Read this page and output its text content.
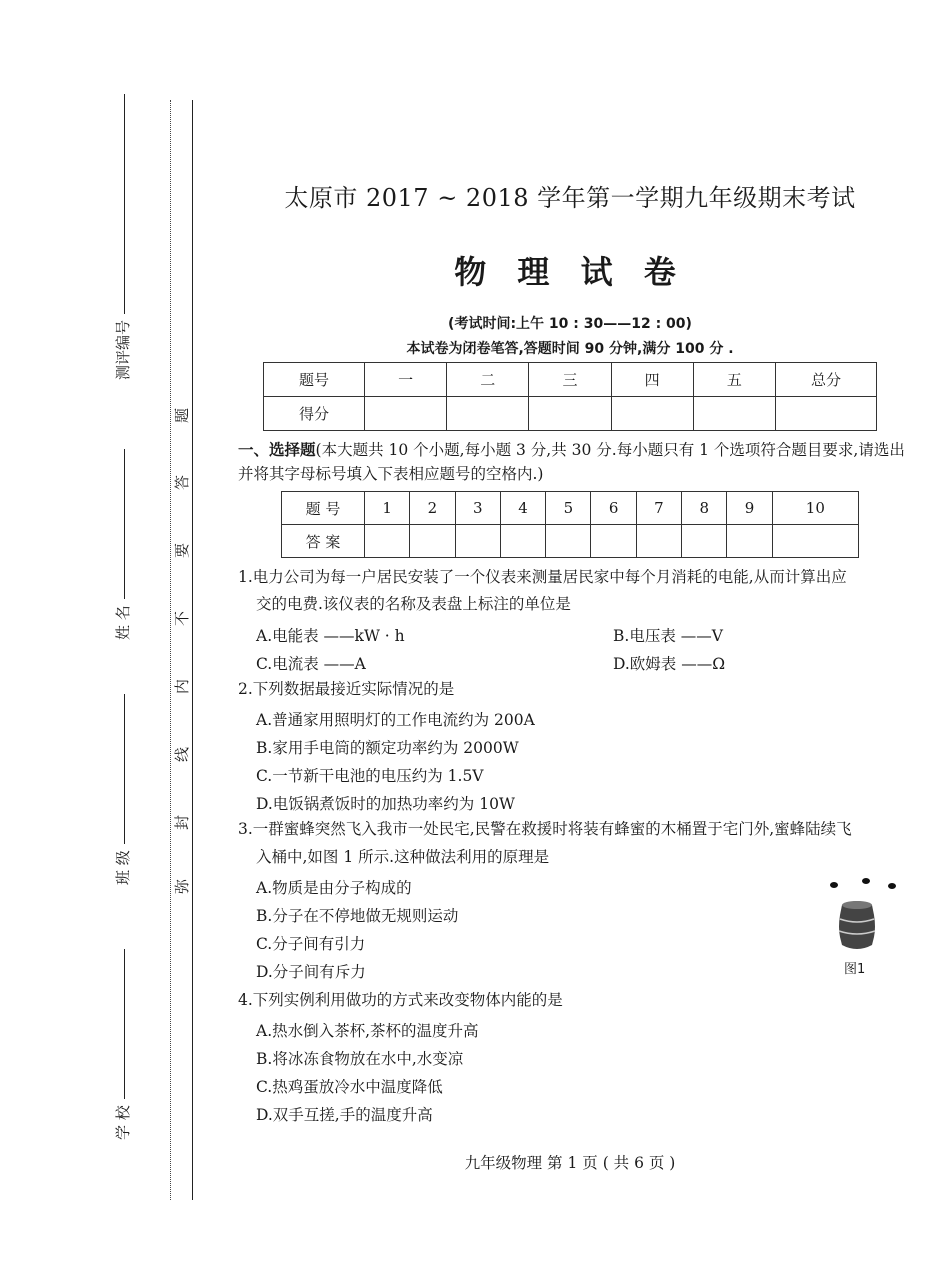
测评编号
姓 名
班 级
学 校
题
答
要
不
内
线
封
弥
太原市 2017 ~ 2018 学年第一学期九年级期末考试
物 理 试 卷
(考试时间:上午 10 : 30——12 : 00)
本试卷为闭卷笔答,答题时间 90 分钟,满分 100 分 .
题号	一	二	三	四	五	总分
得分						
一、选择题(本大题共 10 个小题,每小题 3 分,共 30 分.每小题只有 1 个选项符合题目要求,请选出并将其字母标号填入下表相应题号的空格内.)
题 号	1	2	3	4	5	6	7	8	9	10
答 案										
1.电力公司为每一户居民安装了一个仪表来测量居民家中每个月消耗的电能,从而计算出应
交的电费.该仪表的名称及表盘上标注的单位是
A.电能表 ——kW · h	B.电压表 ——V
C.电流表 ——A	D.欧姆表 ——Ω
2.下列数据最接近实际情况的是
A.普通家用照明灯的工作电流约为 200A
B.家用手电筒的额定功率约为 2000W
C.一节新干电池的电压约为 1.5V
D.电饭锅煮饭时的加热功率约为 10W
3.一群蜜蜂突然飞入我市一处民宅,民警在救援时将装有蜂蜜的木桶置于宅门外,蜜蜂陆续飞
入桶中,如图 1 所示.这种做法利用的原理是
A.物质是由分子构成的
B.分子在不停地做无规则运动
C.分子间有引力
D.分子间有斥力	图1
4.下列实例利用做功的方式来改变物体内能的是
A.热水倒入茶杯,茶杯的温度升高
B.将冰冻食物放在水中,水变凉
C.热鸡蛋放冷水中温度降低
D.双手互搓,手的温度升高
九年级物理 第 1 页 ( 共 6 页 )
